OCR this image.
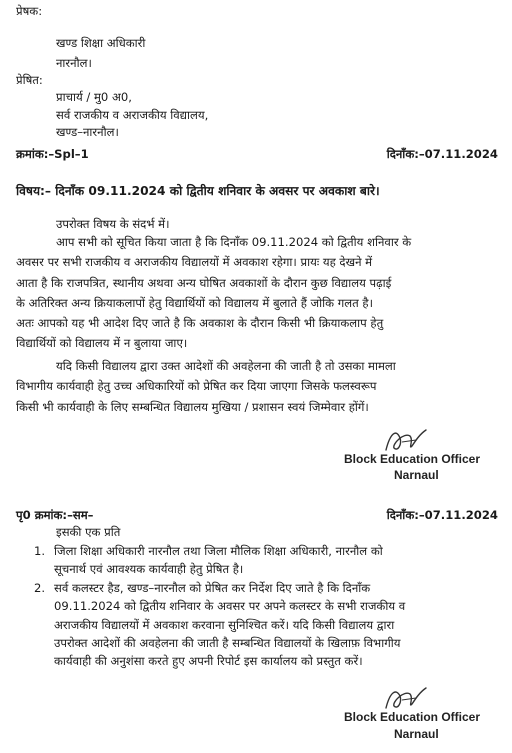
प्रेषक:
खण्ड शिक्षा अधिकारी
नारनौल।
प्रेषित:
प्राचार्य / मु0 अ0,
सर्व राजकीय व अराजकीय विद्यालय,
खण्ड–नारनौल।
क्रमांक:–Spl–1	दिनाँक:–07.11.2024
विषय:– दिनाँक 09.11.2024 को द्वितीय शनिवार के अवसर पर अवकाश बारे।
उपरोक्त विषय के संदर्भ में।
आप सभी को सूचित किया जाता है कि दिनाँक 09.11.2024 को द्वितीय शनिवार के
अवसर पर सभी राजकीय व अराजकीय विद्यालयों में अवकाश रहेगा। प्रायः यह देखने में
आता है कि राजपत्रित, स्थानीय अथवा अन्य घोषित अवकाशों के दौरान कुछ विद्यालय पढ़ाई
के अतिरिक्त अन्य क्रियाकलापों हेतु विद्यार्थियों को विद्यालय में बुलाते हैं जोकि गलत है।
अतः आपको यह भी आदेश दिए जाते है कि अवकाश के दौरान किसी भी क्रियाकलाप हेतु
विद्यार्थियों को विद्यालय में न बुलाया जाए।
यदि किसी विद्यालय द्वारा उक्त आदेशों की अवहेलना की जाती है तो उसका मामला
विभागीय कार्यवाही हेतु उच्च अधिकारियों को प्रेषित कर दिया जाएगा जिसके फलस्वरूप
किसी भी कार्यवाही के लिए सम्बन्धित विद्यालय मुखिया / प्रशासन स्वयं जिम्मेवार होंगें।
Block Education Officer
Narnaul
पृ0 क्रमांक:–सम–	दिनाँक:–07.11.2024
इसकी एक प्रति
1. जिला शिक्षा अधिकारी नारनौल तथा जिला मौलिक शिक्षा अधिकारी, नारनौल को
सूचनार्थ एवं आवश्यक कार्यवाही हेतु प्रेषित है।
2. सर्व कलस्टर हैड, खण्ड–नारनौल को प्रेषित कर निर्देश दिए जाते है कि दिनाँक
09.11.2024 को द्वितीय शनिवार के अवसर पर अपने कलस्टर के सभी राजकीय व
अराजकीय विद्यालयों में अवकाश करवाना सुनिश्चित करें। यदि किसी विद्यालय द्वारा
उपरोक्त आदेशों की अवहेलना की जाती है सम्बन्धित विद्यालयों के खिलाफ़ विभागीय
कार्यवाही की अनुशंसा करते हुए अपनी रिपोर्ट इस कार्यालय को प्रस्तुत करें।
Block Education Officer
Narnaul
